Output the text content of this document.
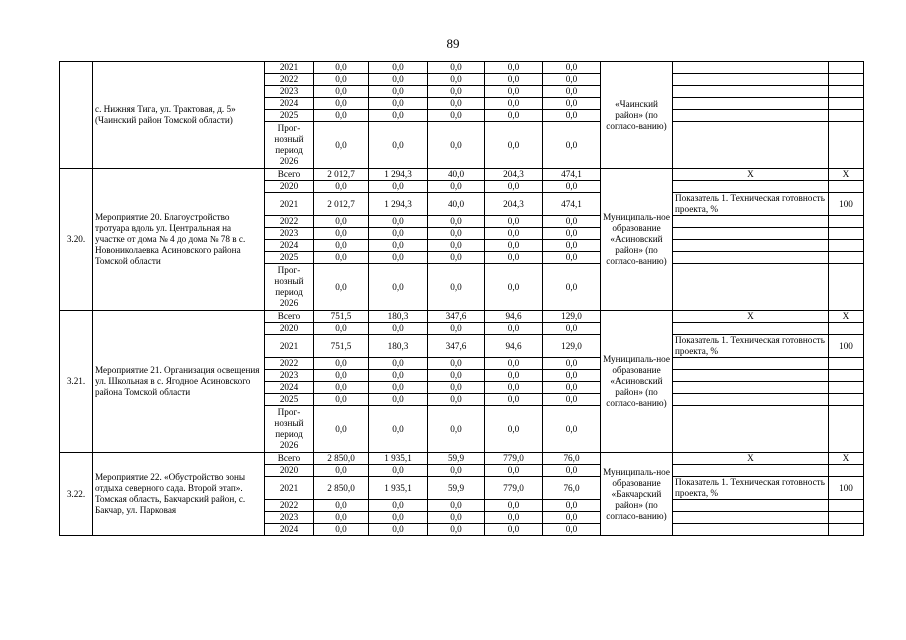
89
	с. Нижняя Тига, ул. Трактовая, д. 5» (Чаинский район Томской области)	2021	0,0	0,0	0,0	0,0	0,0	«Чаинский район» (по согласо-ванию)		
		2022	0,0	0,0	0,0	0,0	0,0			
		2023	0,0	0,0	0,0	0,0	0,0			
		2024	0,0	0,0	0,0	0,0	0,0			
		2025	0,0	0,0	0,0	0,0	0,0			
		Прог-нозный период 2026	0,0	0,0	0,0	0,0	0,0			
3.20.	Мероприятие 20. Благоустройство тротуара вдоль ул. Центральная на участке от дома № 4 до дома № 78 в с. Новониколаевка Асиновского района Томской области	Всего	2 012,7	1 294,3	40,0	204,3	474,1	Муниципаль-ное образование «Асиновский район» (по согласо-ванию)	X	X
		2020	0,0	0,0	0,0	0,0	0,0			
		2021	2 012,7	1 294,3	40,0	204,3	474,1		Показатель 1. Техническая готовность проекта, %	100
		2022	0,0	0,0	0,0	0,0	0,0			
		2023	0,0	0,0	0,0	0,0	0,0			
		2024	0,0	0,0	0,0	0,0	0,0			
		2025	0,0	0,0	0,0	0,0	0,0			
		Прог-нозный период 2026	0,0	0,0	0,0	0,0	0,0			
3.21.	Мероприятие 21. Организация освещения ул. Школьная в с. Ягодное Асиновского района Томской области	Всего	751,5	180,3	347,6	94,6	129,0	Муниципаль-ное образование «Асиновский район» (по согласо-ванию)	X	X
		2020	0,0	0,0	0,0	0,0	0,0			
		2021	751,5	180,3	347,6	94,6	129,0		Показатель 1. Техническая готовность проекта, %	100
		2022	0,0	0,0	0,0	0,0	0,0			
		2023	0,0	0,0	0,0	0,0	0,0			
		2024	0,0	0,0	0,0	0,0	0,0			
		2025	0,0	0,0	0,0	0,0	0,0			
		Прог-нозный период 2026	0,0	0,0	0,0	0,0	0,0			
3.22.	Мероприятие 22. «Обустройство зоны отдыха северного сада. Второй этап». Томская область, Бакчарский район, с. Бакчар, ул. Парковая	Всего	2 850,0	1 935,1	59,9	779,0	76,0	Муниципаль-ное образование «Бакчарский район» (по согласо-ванию)	X	X
		2020	0,0	0,0	0,0	0,0	0,0			
		2021	2 850,0	1 935,1	59,9	779,0	76,0		Показатель 1. Техническая готовность проекта, %	100
		2022	0,0	0,0	0,0	0,0	0,0			
		2023	0,0	0,0	0,0	0,0	0,0			
		2024	0,0	0,0	0,0	0,0	0,0			
